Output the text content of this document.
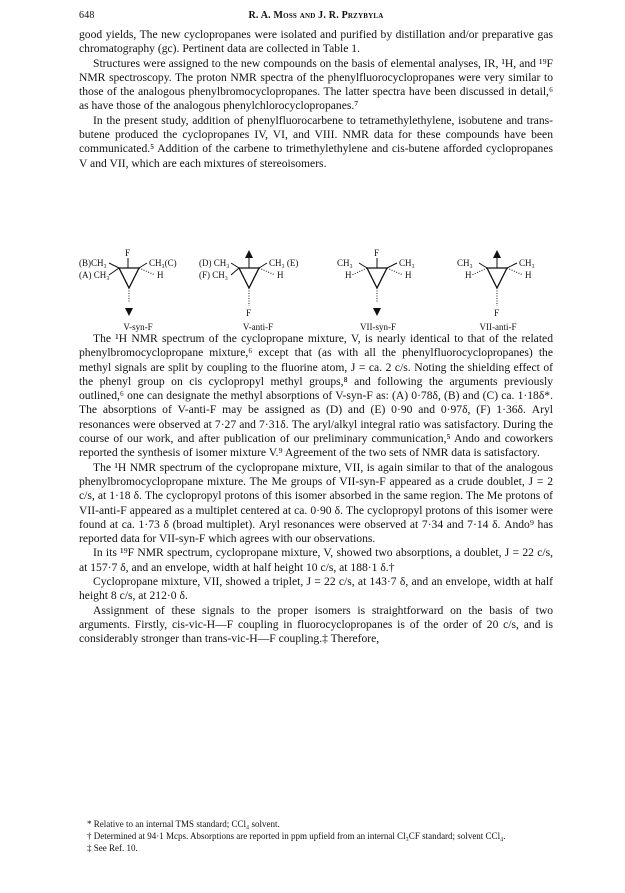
648	R. A. Moss and J. R. Przybyla

good yields, The new cyclopropanes were isolated and purified by distillation and/or preparative gas chromatography (gc). Pertinent data are collected in Table 1.

Structures were assigned to the new compounds on the basis of elemental analyses, IR, ¹H, and ¹⁹F NMR spectroscopy. The proton NMR spectra of the phenylfluorocyclopropanes were very similar to those of the analogous phenylbromocyclopropanes. The latter spectra have been discussed in detail,⁶ as have those of the analogous phenylchlorocyclopropanes.⁷

In the present study, addition of phenylfluorocarbene to tetramethylethylene, isobutene and trans-butene produced the cyclopropanes IV, VI, and VIII. NMR data for these compounds have been communicated.⁵ Addition of the carbene to trimethylethylene and cis-butene afforded cyclopropanes V and VII, which are each mixtures of stereoisomers.

F
(B)CH₃
(A) CH₃
CH₃(C)
H
V-syn-F
(D) CH₃
(F) CH₃
CH₃ (E)
H
F
V-anti-F
F
CH₃
H
CH₃
H
VII-syn-F
CH₃
H
CH₃
H
F
VII-anti-F

The ¹H NMR spectrum of the cyclopropane mixture, V, is nearly identical to that of the related phenylbromocyclopropane mixture,⁶ except that (as with all the phenylfluorocyclopropanes) the methyl signals are split by coupling to the fluorine atom, J = ca. 2 c/s. Noting the shielding effect of the phenyl group on cis cyclopropyl methyl groups,⁸ and following the arguments previously outlined,⁶ one can designate the methyl absorptions of V-syn-F as: (A) 0·78δ, (B) and (C) ca. 1·18δ*. The absorptions of V-anti-F may be assigned as (D) and (E) 0·90 and 0·97δ, (F) 1·36δ. Aryl resonances were observed at 7·27 and 7·31δ. The aryl/alkyl integral ratio was satisfactory. During the course of our work, and after publication of our preliminary communication,⁵ Ando and coworkers reported the synthesis of isomer mixture V.⁹ Agreement of the two sets of NMR data is satisfactory.

The ¹H NMR spectrum of the cyclopropane mixture, VII, is again similar to that of the analogous phenylbromocyclopropane mixture. The Me groups of VII-syn-F appeared as a crude doublet, J = 2 c/s, at 1·18 δ. The cyclopropyl protons of this isomer absorbed in the same region. The Me protons of VII-anti-F appeared as a multiplet centered at ca. 0·90 δ. The cyclopropyl protons of this isomer were found at ca. 1·73 δ (broad multiplet). Aryl resonances were observed at 7·34 and 7·14 δ. Ando⁹ has reported data for VII-syn-F which agrees with our observations.

In its ¹⁹F NMR spectrum, cyclopropane mixture, V, showed two absorptions, a doublet, J = 22 c/s, at 157·7 δ, and an envelope, width at half height 10 c/s, at 188·1 δ.†

Cyclopropane mixture, VII, showed a triplet, J = 22 c/s, at 143·7 δ, and an envelope, width at half height 8 c/s, at 212·0 δ.

Assignment of these signals to the proper isomers is straightforward on the basis of two arguments. Firstly, cis-vic-H—F coupling in fluorocyclopropanes is of the order of 20 c/s, and is considerably stronger than trans-vic-H—F coupling.‡ Therefore,

* Relative to an internal TMS standard; CCl₄ solvent.

† Determined at 94·1 Mcps. Absorptions are reported in ppm upfield from an internal Cl₃CF standard; solvent CCl₄.

‡ See Ref. 10.
